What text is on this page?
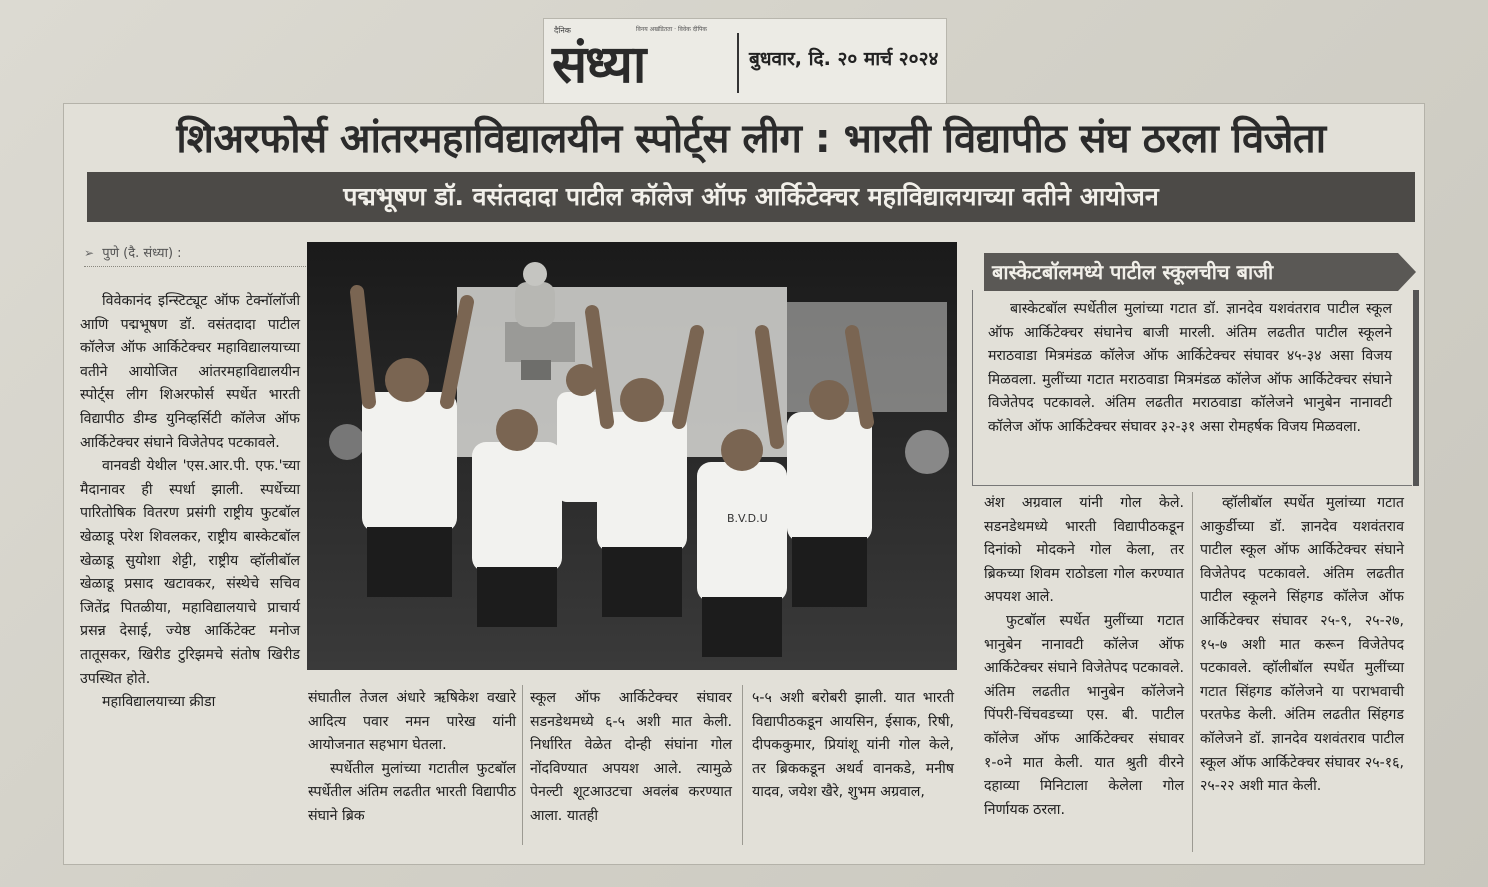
दैनिक	विनय अखंडितता · विवेक दीपिक
संध्या	बुधवार, दि. २० मार्च २०२४
शिअरफोर्स आंतरमहाविद्यालयीन स्पोर्ट्स लीग : भारती विद्यापीठ संघ ठरला विजेता
पद्मभूषण डॉ. वसंतदादा पाटील कॉलेज ऑफ आर्किटेक्चर महाविद्यालयाच्या वतीने आयोजन
➢ पुणे (दै. संध्या) :

विवेकानंद इन्स्टिट्यूट ऑफ टेक्नॉलॉजी आणि पद्मभूषण डॉ. वसंतदादा पाटील कॉलेज ऑफ आर्किटेक्चर महाविद्यालयाच्या वतीने आयोजित आंतरमहाविद्यालयीन स्पोर्ट्स लीग शिअरफोर्स स्पर्धेत भारती विद्यापीठ डीम्ड युनिव्हर्सिटी कॉलेज ऑफ आर्किटेक्चर संघाने विजेतेपद पटकावले.

वानवडी येथील 'एस.आर.पी. एफ.'च्या मैदानावर ही स्पर्धा झाली. स्पर्धेच्या पारितोषिक वितरण प्रसंगी राष्ट्रीय फुटबॉल खेळाडू परेश शिवलकर, राष्ट्रीय बास्केटबॉल खेळाडू सुयोशा शेट्टी, राष्ट्रीय व्हॉलीबॉल खेळाडू प्रसाद खटावकर, संस्थेचे सचिव जितेंद्र पितळीया, महाविद्यालयाचे प्राचार्य प्रसन्न देसाई, ज्येष्ठ आर्किटेक्ट मनोज तातूसकर, खिरीड टुरिझमचे संतोष खिरीड उपस्थित होते.

महाविद्यालयाच्या क्रीडा

B.V.D.U
बास्केटबॉलमध्ये पाटील स्कूलचीच बाजी

बास्केटबॉल स्पर्धेतील मुलांच्या गटात डॉ. ज्ञानदेव यशवंतराव पाटील स्कूल ऑफ आर्किटेक्चर संघानेच बाजी मारली. अंतिम लढतीत पाटील स्कूलने मराठवाडा मित्रमंडळ कॉलेज ऑफ आर्किटेक्चर संघावर ४५-३४ असा विजय मिळवला. मुलींच्या गटात मराठवाडा मित्रमंडळ कॉलेज ऑफ आर्किटेक्चर संघाने विजेतेपद पटकावले. अंतिम लढतीत मराठवाडा कॉलेजने भानुबेन नानावटी कॉलेज ऑफ आर्किटेक्चर संघावर ३२-३१ असा रोमहर्षक विजय मिळवला.

संघातील तेजल अंधारे ऋषिकेश वखारे आदित्य पवार नमन पारेख यांनी आयोजनात सहभाग घेतला.

स्पर्धेतील मुलांच्या गटातील फुटबॉल स्पर्धेतील अंतिम लढतीत भारती विद्यापीठ संघाने ब्रिक

स्कूल ऑफ आर्किटेक्चर संघावर सडनडेथमध्ये ६-५ अशी मात केली. निर्धारित वेळेत दोन्ही संघांना गोल नोंदविण्यात अपयश आले. त्यामुळे पेनल्टी शूटआउटचा अवलंब करण्यात आला. यातही

५-५ अशी बरोबरी झाली. यात भारती विद्यापीठकडून आयसिन, ईसाक, रिषी, दीपककुमार, प्रियांशू यांनी गोल केले, तर ब्रिककडून अथर्व वानकडे, मनीष यादव, जयेश खैरे, शुभम अग्रवाल,

अंश अग्रवाल यांनी गोल केले. सडनडेथमध्ये भारती विद्यापीठकडून दिनांको मोदकने गोल केला, तर ब्रिकच्या शिवम राठोडला गोल करण्यात अपयश आले.

फुटबॉल स्पर्धेत मुलींच्या गटात भानुबेन नानावटी कॉलेज ऑफ आर्किटेक्चर संघाने विजेतेपद पटकावले. अंतिम लढतीत भानुबेन कॉलेजने पिंपरी-चिंचवडच्या एस. बी. पाटील कॉलेज ऑफ आर्किटेक्चर संघावर १-०ने मात केली. यात श्रुती वीरने दहाव्या मिनिटाला केलेला गोल निर्णायक ठरला.

व्हॉलीबॉल स्पर्धेत मुलांच्या गटात आकुर्डीच्या डॉ. ज्ञानदेव यशवंतराव पाटील स्कूल ऑफ आर्किटेक्चर संघाने विजेतेपद पटकावले. अंतिम लढतीत पाटील स्कूलने सिंहगड कॉलेज ऑफ आर्किटेक्चर संघावर २५-९, २५-२७, १५-७ अशी मात करून विजेतेपद पटकावले. व्हॉलीबॉल स्पर्धेत मुलींच्या गटात सिंहगड कॉलेजने या पराभवाची परतफेड केली. अंतिम लढतीत सिंहगड कॉलेजने डॉ. ज्ञानदेव यशवंतराव पाटील स्कूल ऑफ आर्किटेक्चर संघावर २५-१६, २५-२२ अशी मात केली.
